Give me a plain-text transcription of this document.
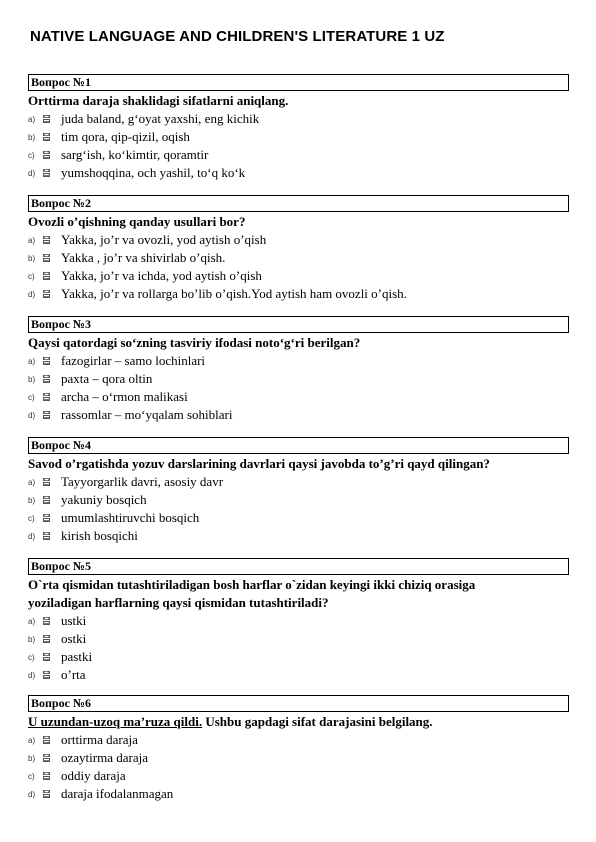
NATIVE LANGUAGE AND CHILDREN'S LITERATURE 1 UZ
Вопрос №1
Orttirma daraja shaklidagi sifatlarni aniqlang.
a)	juda baland, g‘oyat yaxshi, eng kichik
b)	tim qora, qip-qizil, oqish
c)	sarg‘ish, ko‘kimtir, qoramtir
d)	yumshoqqina, och yashil, to‘q ko‘k
Вопрос №2
Ovozli o’qishning qanday usullari bor?
a)	Yakka, jo’r va ovozli, yod aytish o’qish
b)	Yakka , jo’r va shivirlab o’qish.
c)	Yakka, jo’r va ichda, yod aytish o’qish
d)	Yakka, jo’r va rollarga bo’lib o’qish.Yod aytish ham ovozli o’qish.
Вопрос №3
Qaysi qatordagi so‘zning tasviriy ifodasi noto‘g‘ri berilgan?
a)	fazogirlar – samo lochinlari
b)	paxta – qora oltin
c)	archa – o‘rmon malikasi
d)	rassomlar – mo‘yqalam sohiblari
Вопрос №4
Savod o’rgatishda yozuv darslarining davrlari qaysi javobda to’g’ri qayd qilingan?
a)	Tayyorgarlik davri, asosiy davr
b)	yakuniy bosqich
c)	umumlashtiruvchi bosqich
d)	kirish bosqichi
Вопрос №5
O`rta qismidan tutashtiriladigan bosh harflar o`zidan keyingi ikki chiziq orasiga
yoziladigan harflarning qaysi qismidan tutashtiriladi?
a)	ustki
b)	ostki
c)	pastki
d)	o’rta
Вопрос №6
U uzundan-uzoq ma’ruza qildi. Ushbu gapdagi sifat darajasini belgilang.
a)	orttirma daraja
b)	ozaytirma daraja
c)	oddiy daraja
d)	daraja ifodalanmagan
